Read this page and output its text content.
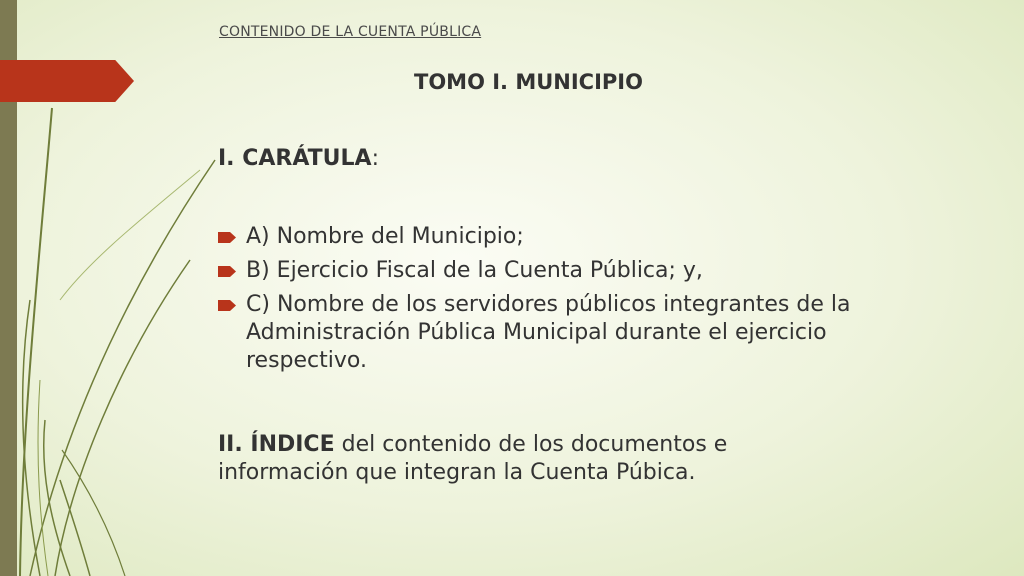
CONTENIDO DE LA CUENTA PÚBLICA
TOMO I. MUNICIPIO
I. CARÁTULA:
A) Nombre del Municipio;
B) Ejercicio Fiscal de la Cuenta Pública; y,
C) Nombre de los servidores públicos integrantes de la Administración Pública Municipal durante el ejercicio respectivo.

II. ÍNDICE del contenido de los documentos e información que integran la Cuenta Púbica.
